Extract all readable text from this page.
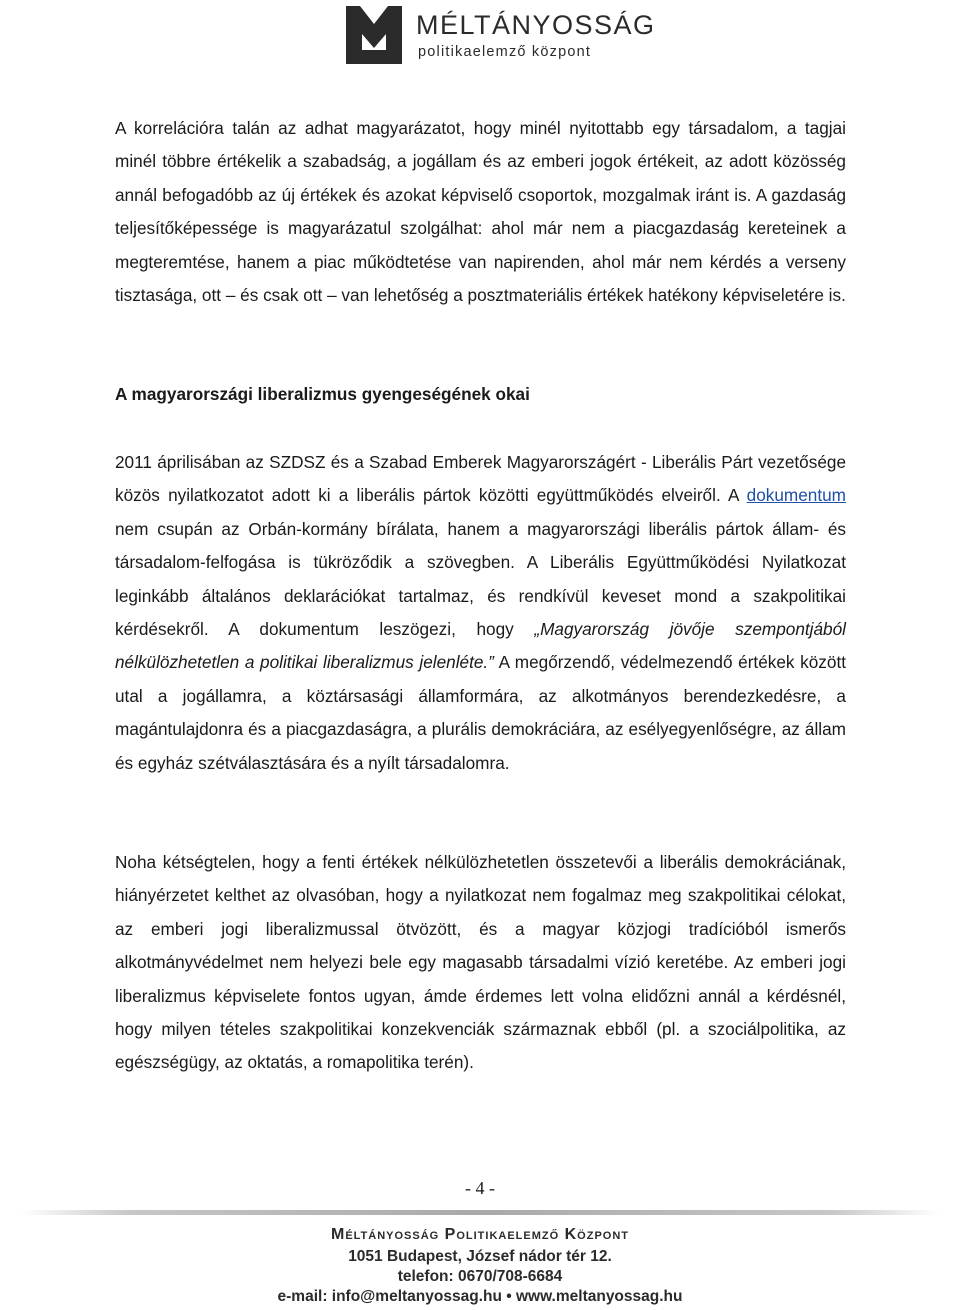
MÉLTÁNYOSSÁG
politikaelemző központ

A korrelációra talán az adhat magyarázatot, hogy minél nyitottabb egy társadalom, a tagjai minél többre értékelik a szabadság, a jogállam és az emberi jogok értékeit, az adott közösség annál befogadóbb az új értékek és azokat képviselő csoportok, mozgalmak iránt is. A gazdaság teljesítőképessége is magyarázatul szolgálhat: ahol már nem a piacgazdaság kereteinek a megteremtése, hanem a piac működtetése van napirenden, ahol már nem kérdés a verseny tisztasága, ott – és csak ott – van lehetőség a posztmateriális értékek hatékony képviseletére is.

A magyarországi liberalizmus gyengeségének okai

2011 áprilisában az SZDSZ és a Szabad Emberek Magyarországért - Liberális Párt vezetősége közös nyilatkozatot adott ki a liberális pártok közötti együttműködés elveiről. A dokumentum nem csupán az Orbán-kormány bírálata, hanem a magyarországi liberális pártok állam- és társadalom-felfogása is tükröződik a szövegben. A Liberális Együttműködési Nyilatkozat leginkább általános deklarációkat tartalmaz, és rendkívül keveset mond a szakpolitikai kérdésekről. A dokumentum leszögezi, hogy „Magyarország jövője szempontjából nélkülözhetetlen a politikai liberalizmus jelenléte.” A megőrzendő, védelmezendő értékek között utal a jogállamra, a köztársasági államformára, az alkotmányos berendezkedésre, a magántulajdonra és a piacgazdaságra, a plurális demokráciára, az esélyegyenlőségre, az állam és egyház szétválasztására és a nyílt társadalomra.

Noha kétségtelen, hogy a fenti értékek nélkülözhetetlen összetevői a liberális demokráciának, hiányérzetet kelthet az olvasóban, hogy a nyilatkozat nem fogalmaz meg szakpolitikai célokat, az emberi jogi liberalizmussal ötvözött, és a magyar közjogi tradícióból ismerős alkotmányvédelmet nem helyezi bele egy magasabb társadalmi vízió keretébe. Az emberi jogi liberalizmus képviselete fontos ugyan, ámde érdemes lett volna elidőzni annál a kérdésnél, hogy milyen tételes szakpolitikai konzekvenciák származnak ebből (pl. a szociálpolitika, az egészségügy, az oktatás, a romapolitika terén).

- 4 -
Méltányosság Politikaelemző Központ
1051 Budapest, József nádor tér 12.
telefon: 0670/708-6684
e-mail: info@meltanyossag.hu • www.meltanyossag.hu
